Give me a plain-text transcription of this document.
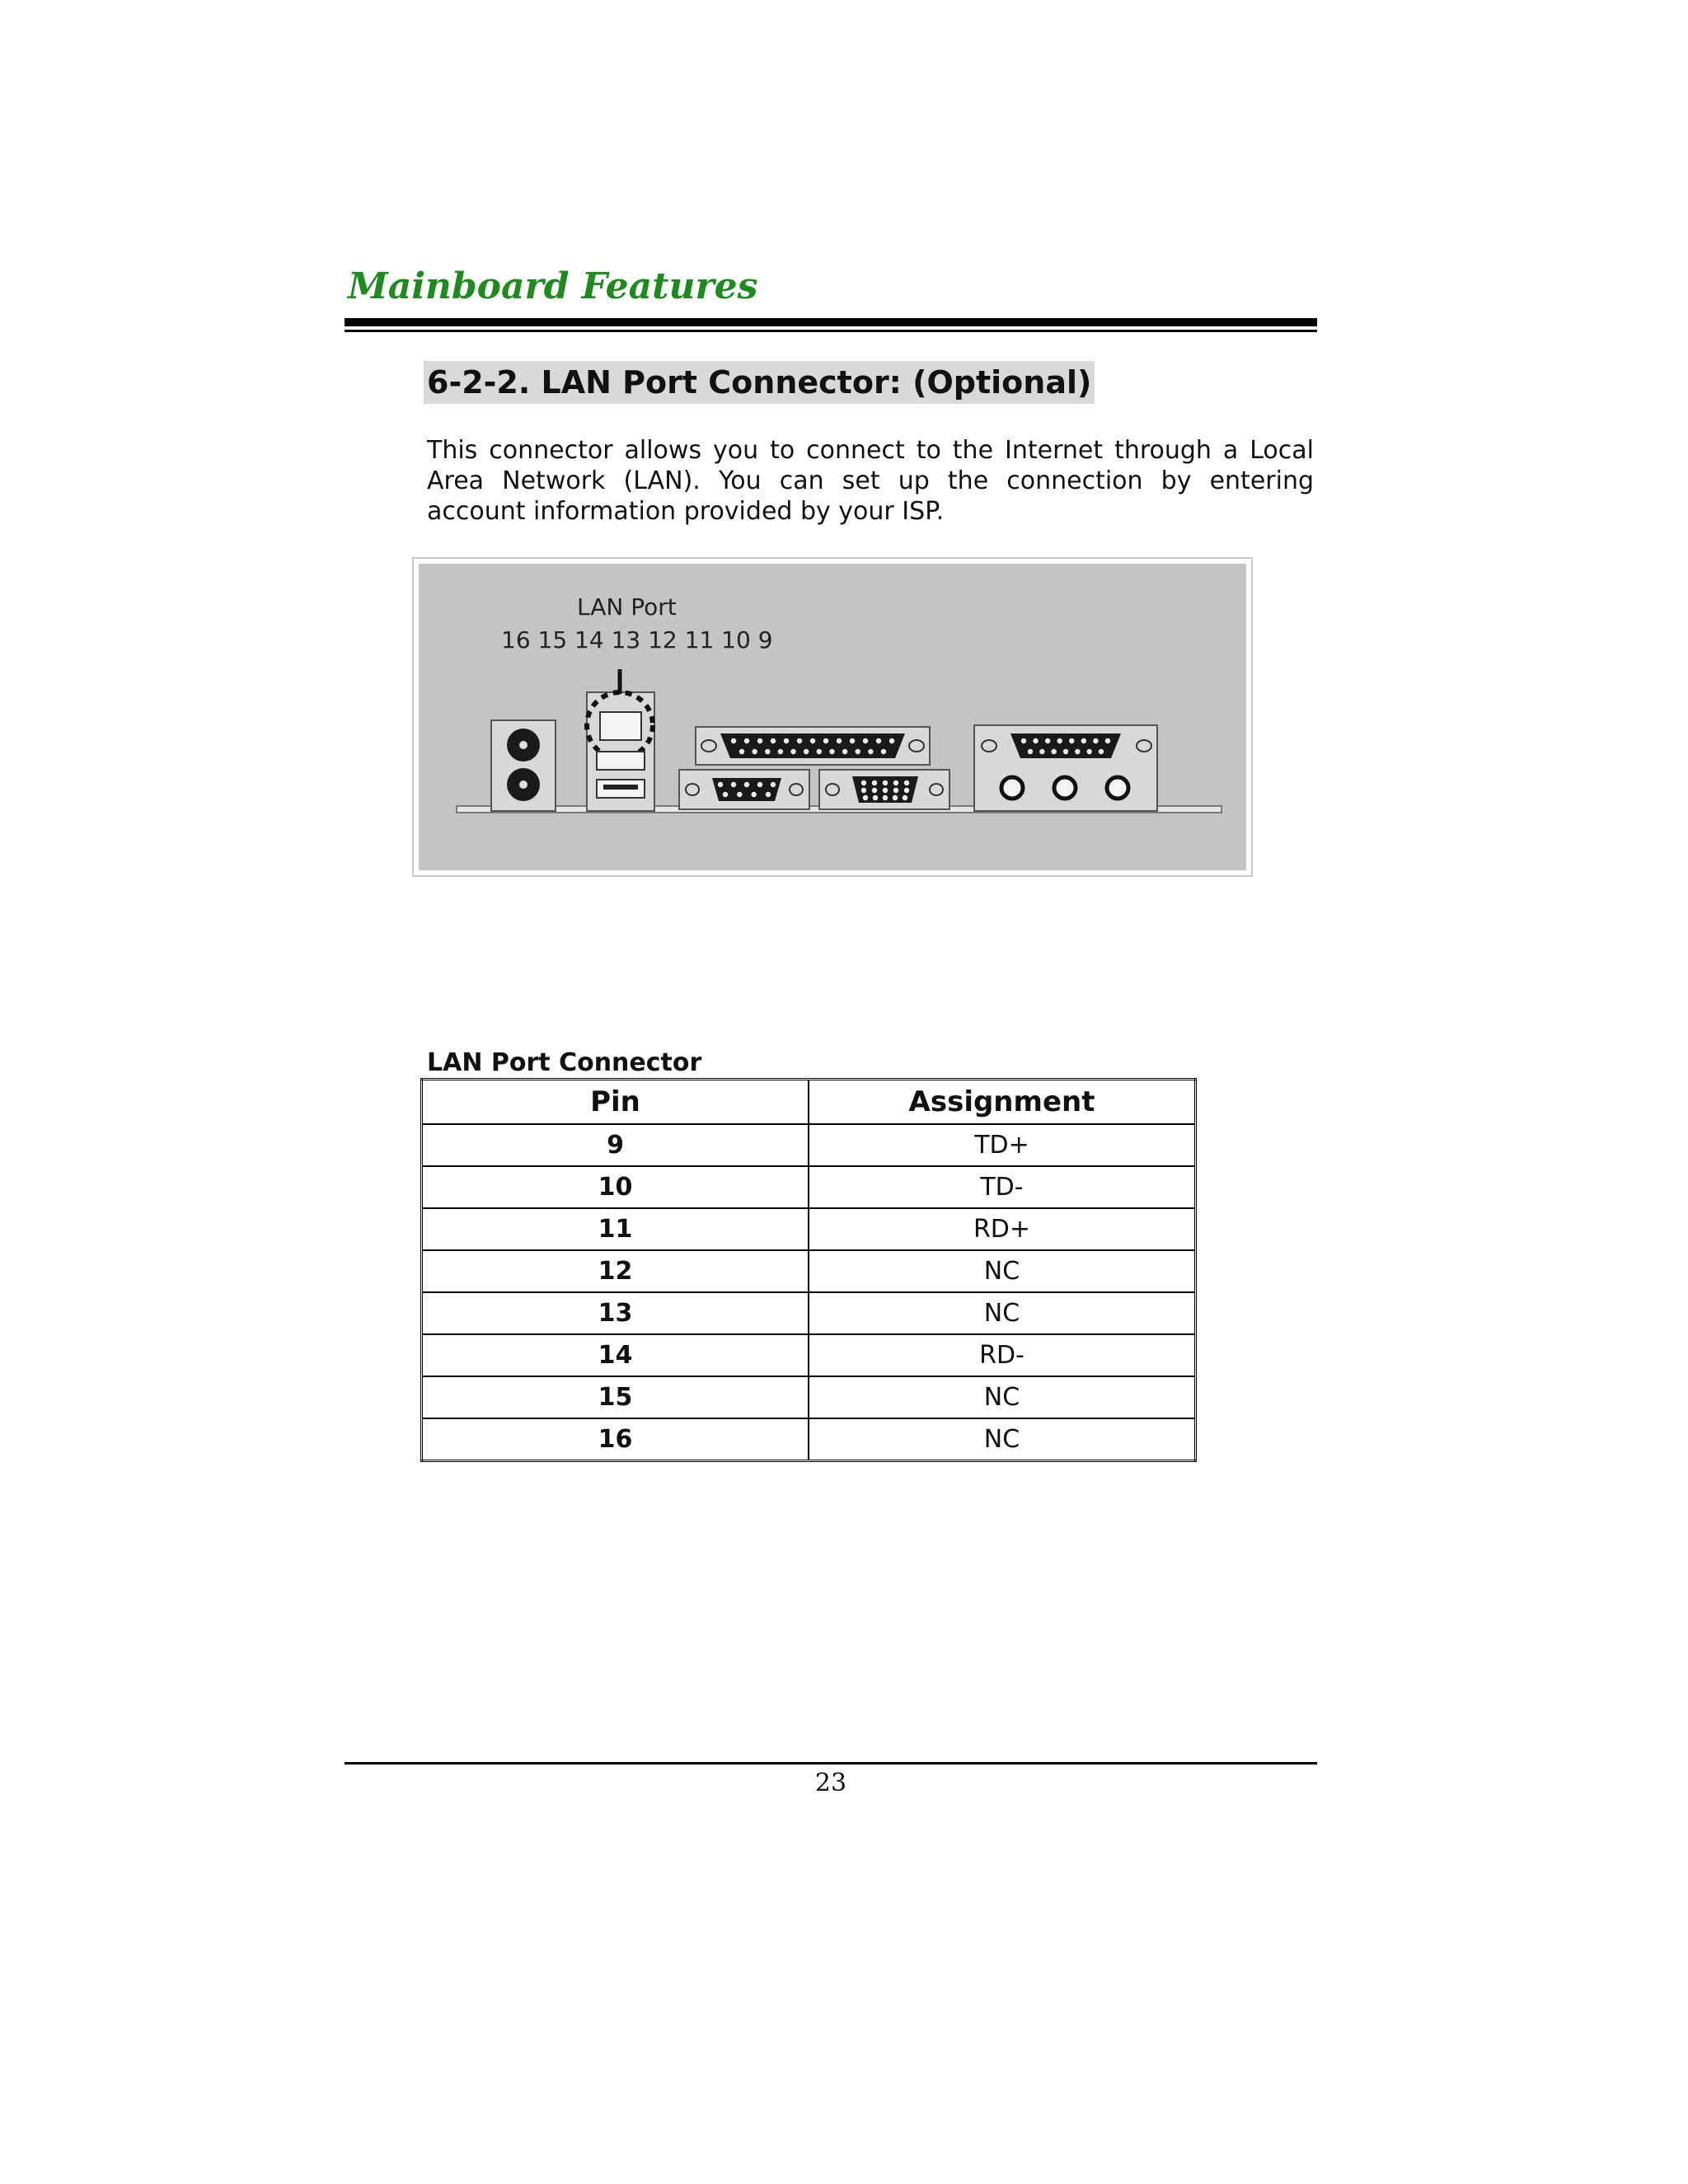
Mainboard Features
6-2-2. LAN Port Connector: (Optional)
This connector allows you to connect to the Internet through a Local Area Network (LAN). You can set up the connection by entering account information provided by your ISP.
LAN Port
16 15 14 13 12 11 10 9
LAN Port Connector
Pin	Assignment
9	TD+
10	TD-
11	RD+
12	NC
13	NC
14	RD-
15	NC
16	NC
23
